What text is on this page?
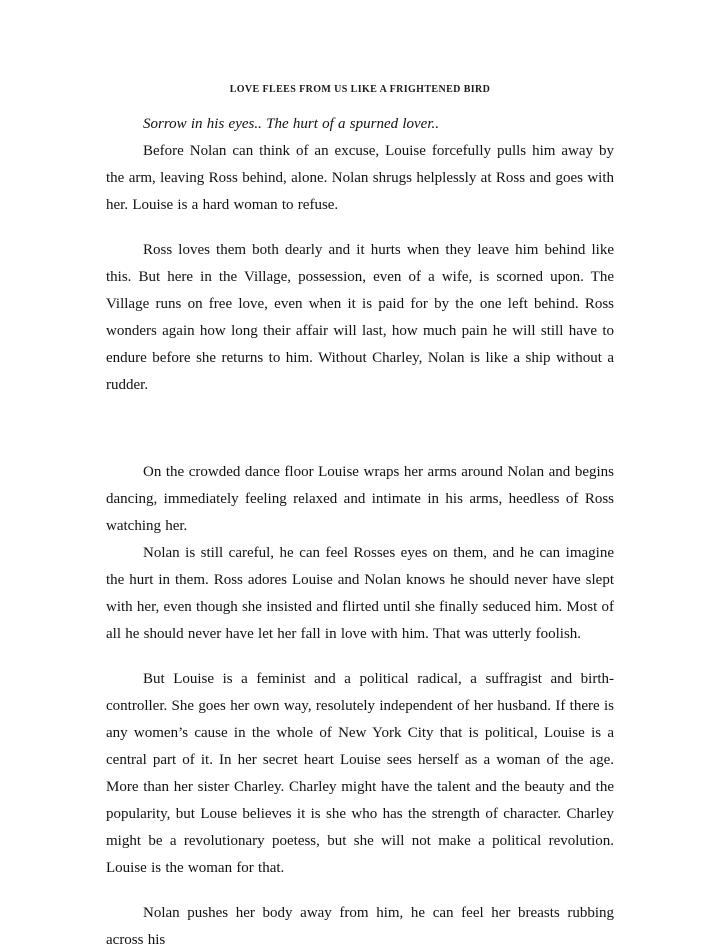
LOVE FLEES FROM US LIKE A FRIGHTENED BIRD

Sorrow in his eyes.. The hurt of a spurned lover..

Before Nolan can think of an excuse, Louise forcefully pulls him away by the arm, leaving Ross behind, alone. Nolan shrugs helplessly at Ross and goes with her. Louise is a hard woman to refuse.

Ross loves them both dearly and it hurts when they leave him behind like this. But here in the Village, possession, even of a wife, is scorned upon. The Village runs on free love, even when it is paid for by the one left behind. Ross wonders again how long their affair will last, how much pain he will still have to endure before she returns to him. Without Charley, Nolan is like a ship without a rudder.

On the crowded dance floor Louise wraps her arms around Nolan and begins dancing, immediately feeling relaxed and intimate in his arms, heedless of Ross watching her.

Nolan is still careful, he can feel Rosses eyes on them, and he can imagine the hurt in them. Ross adores Louise and Nolan knows he should never have slept with her, even though she insisted and flirted until she finally seduced him. Most of all he should never have let her fall in love with him. That was utterly foolish.

But Louise is a feminist and a political radical, a suffragist and birth-controller. She goes her own way, resolutely independent of her husband. If there is any women’s cause in the whole of New York City that is political, Louise is a central part of it. In her secret heart Louise sees herself as a woman of the age. More than her sister Charley. Charley might have the talent and the beauty and the popularity, but Louse believes it is she who has the strength of character. Charley might be a revolutionary poetess, but she will not make a political revolution. Louise is the woman for that.

Nolan pushes her body away from him, he can feel her breasts rubbing across his
